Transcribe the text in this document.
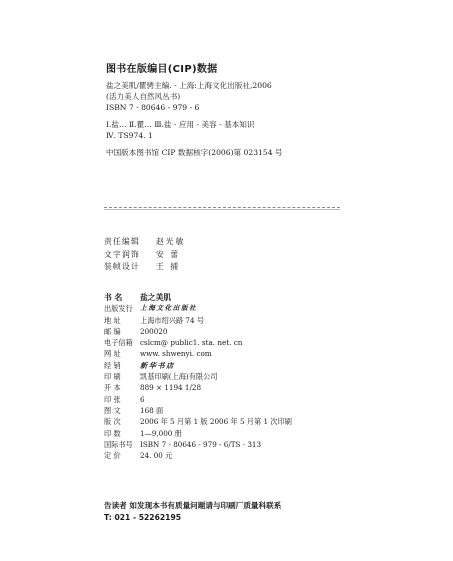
图书在版编目(CIP)数据
盐之美肌/瞿骋主编. - 上海:上海文化出版社,2006
(活力美人自然风丛书)
ISBN 7 - 80646 - 979 - 6
Ⅰ.盐… Ⅱ.瞿… Ⅲ.盐 - 应用 - 美容 - 基本知识
Ⅳ. TS974. 1
中国版本图书馆 CIP 数据核字(2006)第 023154 号
责任编辑	赵光敏
文字润饰	安 蕾
装帧设计	王 捕
书 名	盐之美肌
出版发行	上海文化出版社
地 址	上海市绍兴路 74 号
邮 编	200020
电子信箱	cslcm@ public1. sta. net. cn
网 址	www. shwenyi. com
经 销	新华书店
印 刷	凯基印刷(上海)有限公司
开 本	889 × 1194 1/28
印 张	6
图 文	168 面
版 次	2006 年 5 月第 1 版 2006 年 5 月第 1 次印刷
印 数	1—9,000 册
国际书号	ISBN 7 - 80646 - 979 - 6/TS · 313
定 价	24. 00 元
告读者 如发现本书有质量问题请与印刷厂质量科联系
T: 021 - 52262195
